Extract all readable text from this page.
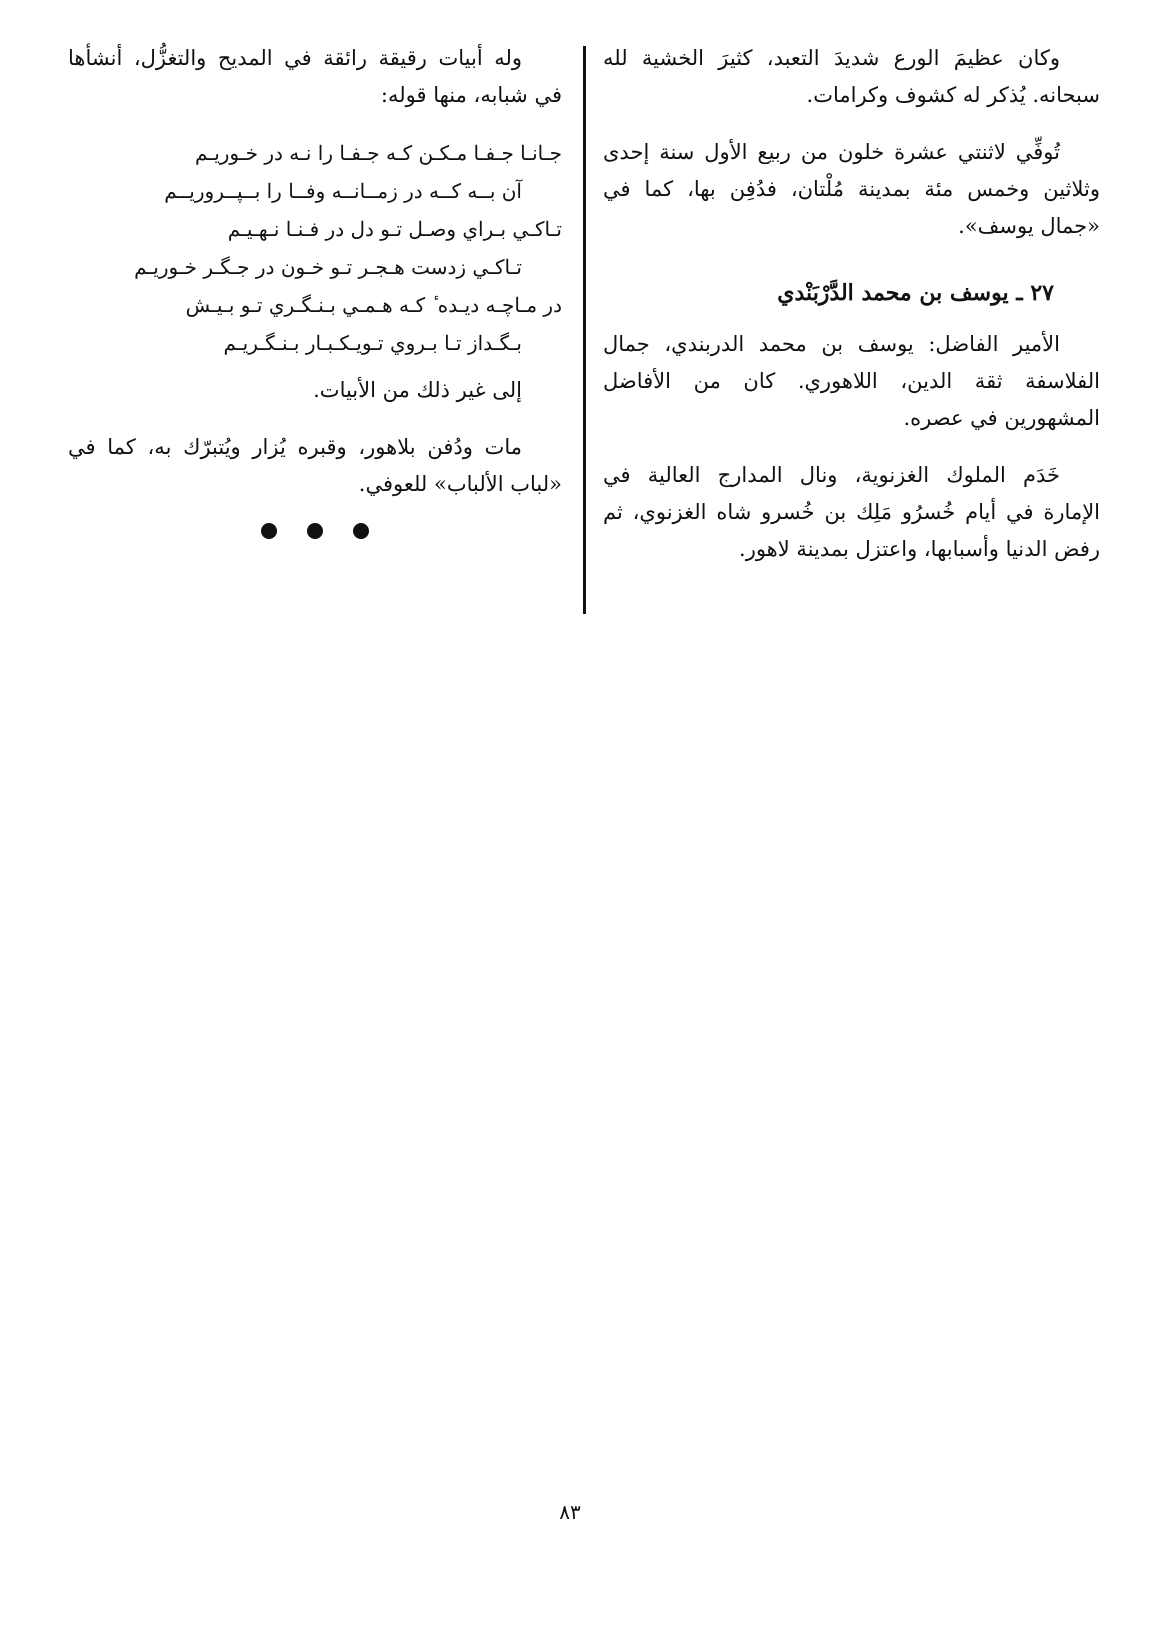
وكان عظيمَ الورع شديدَ التعبد، كثيرَ الخشية لله سبحانه. يُذكر له كشوف وكرامات.

تُوفِّي لاثنتي عشرة خلون من ربيع الأول سنة إحدى وثلاثين وخمس مئة بمدينة مُلْتان، فدُفِن بها، كما في «جمال يوسف».

٢٧ ـ يوسف بن محمد الدَّرْبَنْدي

الأمير الفاضل: يوسف بن محمد الدربندي، جمال الفلاسفة ثقة الدين، اللاهوري. كان من الأفاضل المشهورين في عصره.

خَدَم الملوك الغزنوية، ونال المدارج العالية في الإمارة في أيام خُسرُو مَلِك بن خُسرو شاه الغزنوي، ثم رفض الدنيا وأسبابها، واعتزل بمدينة لاهور.

وله أبيات رقيقة رائقة في المديح والتغزُّل، أنشأها في شبابه، منها قوله:

جـانـا جـفـا مـكـن كـه جـفـا را نـه در خـوريـم
آن بــه كــه در زمــانــه وفــا را بــپــروريــم
تـاكـي بـراي وصـل تـو دل در فـنـا نـهـيـم
تـاكـي زدست هـجـر تـو خـون در جـگـر خـوريـم
در مـاچـه ديـده ٔ كـه هـمـي بـنـگـري تـو بـيـش
بـگـداز تـا بـروي تـويـكـبـار بـنـگـريـم

إلى غير ذلك من الأبيات.

مات ودُفن بلاهور، وقبره يُزار ويُتبرّك به، كما في «لباب الألباب» للعوفي.

٨٣
